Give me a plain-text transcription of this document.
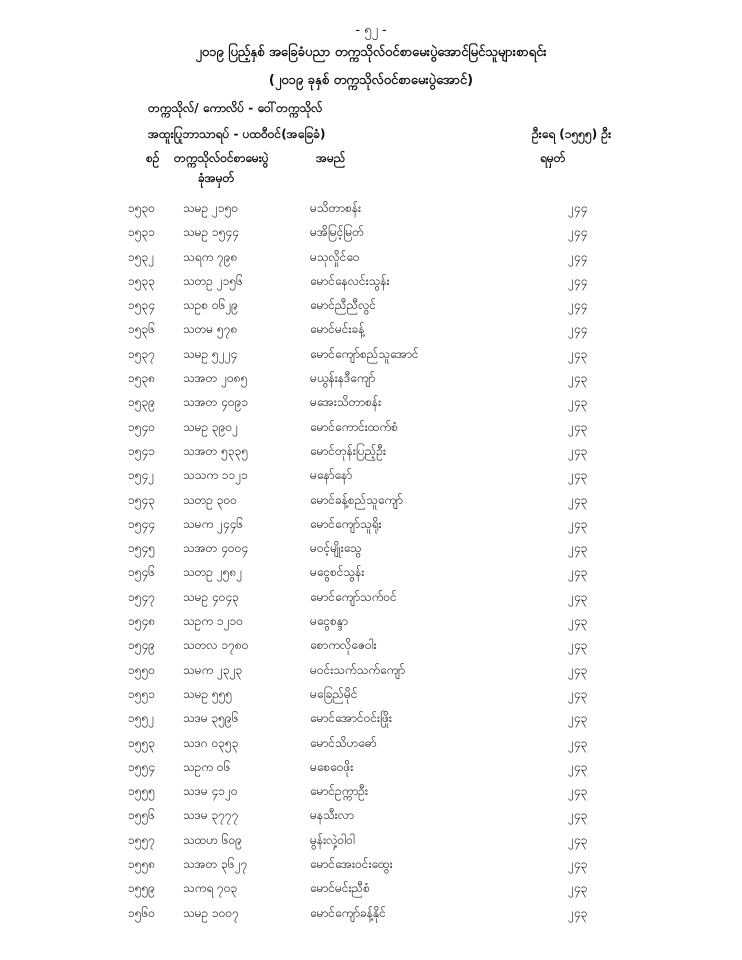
- ၅၂ -
၂၀၁၉ ပြည့်နှစ် အခြေခံပညာ တက္ကသိုလ်ဝင်စာမေးပွဲအောင်မြင်သူများစာရင်း
(၂၀၁၉ ခုနှစ် တက္ကသိုလ်ဝင်စာမေးပွဲအောင်)
တက္ကသိုလ်/ ကောလိပ် - ဝေါ်တက္ကသိုလ်
အထူးပြုဘာသာရပ် - ပထဝီဝင်(အခြေခံ)	ဦးရေ (၁၅၅၅) ဦး
စဉ် တက္ကသိုလ်ဝင်စာမေးပွဲ
ခုံအမှတ်
အမည်	ရမှတ်
၁၅၃၀ သမဥ ၂၁၅၀	မသိတာစန်း	၂၄၄
၁၅၃၁ သမဥ ၁၅၄၄	မအိမြင့်မြတ်	၂၄၄
၁၅၃၂ သရက ၇၉၈	မသုလှိုင်ဝေ	၂၄၄
၁၅၃၃ သတဥ ၂၁၅၆	မောင်နေလင်းသွန်း	၂၄၄
၁၅၃၄ သဥစ ၀၆၂၉	မောင်ညီညီလွင်	၂၄၄
၁၅၃၆ သတမ ၅၇၈	မောင်မင်းခန့်	၂၄၄
၁၅၃၇ သမဥ ၅၂၂၄	မောင်ကျော်စည်သူအောင်	၂၄၃
၁၅၃၈ သအတ ၂၀၈၅	မယွန်းနဒီကျော်	၂၄၃
၁၅၃၉ သအတ ၄၀၉၁	မအေးသိတာစန်း	၂၄၃
၁၅၄၀ သမဥ ၃၉၀၂	မောင်ကောင်းထက်စံ	၂၄၃
၁၅၄၁ သအတ ၅၃၃၅	မောင်တုန်းပြည့်ဦး	၂၄၃
၁၅၄၂ သသက ၁၁၂၁	မနော်နော်	၂၄၃
၁၅၄၃ သတဥ ၃၀၀	မောင်ခန့်စည်သူကျော်	၂၄၃
၁၅၄၄ သမက ၂၄၄၆	မောင်ကျော်သူရိုး	၂၄၃
၁၅၄၅ သအတ ၄၀၀၄	မဝင့်မျိုးသွေ	၂၄၃
၁၅၄၆ သတဥ ၂၅၈၂	မငွေစင်သွန်း	၂၄၃
၁၅၄၇ သမဥ ၄၀၄၃	မောင်ကျော်သက်ဝင်	၂၄၃
၁၅၄၈ သဥက ၁၂၁၀	မငွေစန္ဒာ	၂၄၃
၁၅၄၉ သတလ ၁၇၈၀	စောကလိုဇေဝါး	၂၄၃
၁၅၅၀ သမက ၂၃၂၃	မဝင်းသက်သက်ကျော်	၂၄၃
၁၅၅၁ သမဥ ၅၅၅	မခြေည်မိုင်	၂၄၃
၁၅၅၂ သဒမ ၃၅၉၆	မောင်အောင်ဝင်းဖြိုး	၂၄၃
၁၅၅၃ သဒဂ ၀၃၅၃	မောင်သိဟဓော်	၂၄၃
၁၅၅၄ သဥက ၀၆	မစေဝေဖိုး	၂၄၃
၁၅၅၅ သဒမ ၄၁၂၀	မောင်ဥက္ကာဦး	၂၄၃
၁၅၅၆ သဒမ ၃၇၇၇	မနသီးလာ	၂၄၃
၁၅၅၇ သထဟ ၆၀၉	မွန်းလှဲ့ဝါဝါ	၂၄၃
၁၅၅၈ သအတ ၃၆၂၇	မောင်အေးဝင်းထွေး	၂၄၃
၁၅၅၉ သကရ ၇၀၃	မောင်မင်းညီစံ	၂၄၃
၁၅၆၀ သမဥ ၁၀၀၇	မောင်ကျော်ခန့်နိုင်	၂၄၃
